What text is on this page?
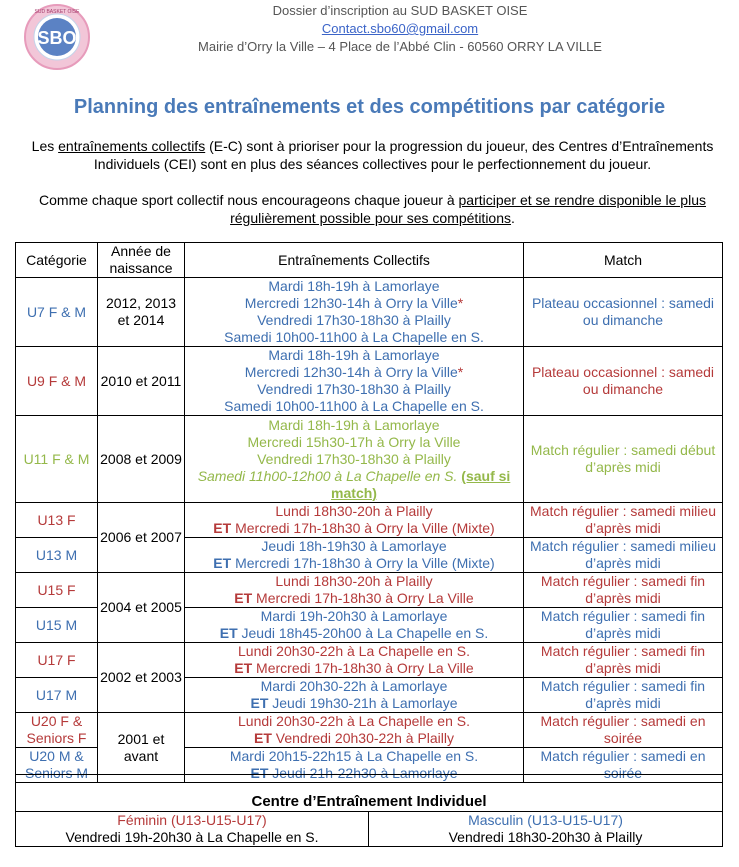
SBO
SUD BASKET OISE	Dossier d’inscription au SUD BASKET OISE
Contact.sbo60@gmail.com
Mairie d’Orry la Ville – 4 Place de l’Abbé Clin - 60560 ORRY LA VILLE
Planning des entraînements et des compétitions par catégorie
Les entraînements collectifs (E-C) sont à prioriser pour la progression du joueur, des Centres d’Entraînements Individuels (CEI) sont en plus des séances collectives pour le perfectionnement du joueur.
Comme chaque sport collectif nous encourageons chaque joueur à participer et se rendre disponible le plus régulièrement possible pour ses compétitions.
Catégorie	Année de naissance	Entraînements Collectifs	Match
U7 F & M	2012, 2013 et 2014	Mardi 18h-19h à Lamorlaye
Mercredi 12h30-14h à Orry la Ville*
Vendredi 17h30-18h30 à Plailly
Samedi 10h00-11h00 à La Chapelle en S.	Plateau occasionnel : samedi ou dimanche
U9 F & M	2010 et 2011	Mardi 18h-19h à Lamorlaye
Mercredi 12h30-14h à Orry la Ville*
Vendredi 17h30-18h30 à Plailly
Samedi 10h00-11h00 à La Chapelle en S.	Plateau occasionnel : samedi ou dimanche
U11 F & M	2008 et 2009	Mardi 18h-19h à Lamorlaye
Mercredi 15h30-17h à Orry la Ville
Vendredi 17h30-18h30 à Plailly
Samedi 11h00-12h00 à La Chapelle en S. (sauf si match)	Match régulier : samedi début d’après midi
U13 F	2006 et 2007	Lundi 18h30-20h à Plailly
ET Mercredi 17h-18h30 à Orry la Ville (Mixte)	Match régulier : samedi milieu d’après midi
U13 M		Jeudi 18h-19h30 à Lamorlaye
ET Mercredi 17h-18h30 à Orry la Ville (Mixte)	Match régulier : samedi milieu d’après midi
U15 F	2004 et 2005	Lundi 18h30-20h à Plailly
ET Mercredi 17h-18h30 à Orry La Ville	Match régulier : samedi fin d’après midi
U15 M		Mardi 19h-20h30 à Lamorlaye
ET Jeudi 18h45-20h00 à La Chapelle en S.	Match régulier : samedi fin d’après midi
U17 F	2002 et 2003	Lundi 20h30-22h à La Chapelle en S.
ET Mercredi 17h-18h30 à Orry La Ville	Match régulier : samedi fin d’après midi
U17 M		Mardi 20h30-22h à Lamorlaye
ET Jeudi 19h30-21h à Lamorlaye	Match régulier : samedi fin d’après midi
U20 F & Seniors F	2001 et avant	Lundi 20h30-22h à La Chapelle en S.
ET Vendredi 20h30-22h à Plailly	Match régulier : samedi en soirée
U20 M & Seniors M		Mardi 20h15-22h15 à La Chapelle en S.
ET Jeudi 21h-22h30 à Lamorlaye	Match régulier : samedi en soirée
Centre d’Entraînement Individuel

Féminin (U13-U15-U17)
Vendredi 19h-20h30 à La Chapelle en S.

Masculin (U13-U15-U17)
Vendredi 18h30-20h30 à Plailly
